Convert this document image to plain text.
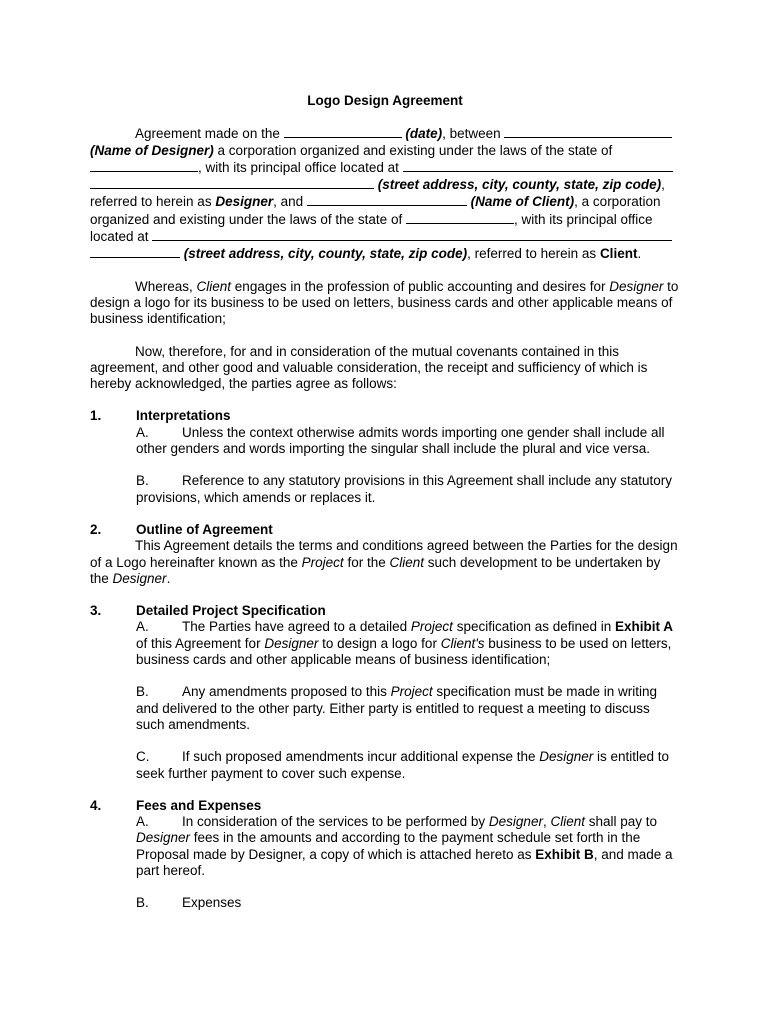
Logo Design Agreement

Agreement made on the	(date), between  (Name of Designer) a corporation organized and existing under the laws of the state of , with its principal office located at   (street address, city, county, state, zip code), referred to herein as Designer, and	(Name of Client), a corporation organized and existing under the laws of the state of	, with its principal office located at   (street address, city, county, state, zip code), referred to herein as Client.

Whereas, Client engages in the profession of public accounting and desires for Designer to design a logo for its business to be used on letters, business cards and other applicable means of business identification;

Now, therefore, for and in consideration of the mutual covenants contained in this agreement, and other good and valuable consideration, the receipt and sufficiency of which is hereby acknowledged, the parties agree as follows:

1.	Interpretations
A. Unless the context otherwise admits words importing one gender shall include all other genders and words importing the singular shall include the plural and vice versa.
B. Reference to any statutory provisions in this Agreement shall include any statutory provisions, which amends or replaces it.
2.	Outline of Agreement
This Agreement details the terms and conditions agreed between the Parties for the design of a Logo hereinafter known as the Project for the Client such development to be undertaken by the Designer.
3.	Detailed Project Specification
A. The Parties have agreed to a detailed Project specification as defined in Exhibit A of this Agreement for Designer to design a logo for Client's business to be used on letters, business cards and other applicable means of business identification;
B. Any amendments proposed to this Project specification must be made in writing and delivered to the other party. Either party is entitled to request a meeting to discuss such amendments.
C. If such proposed amendments incur additional expense the Designer is entitled to seek further payment to cover such expense.
4.	Fees and Expenses
A. In consideration of the services to be performed by Designer, Client shall pay to Designer fees in the amounts and according to the payment schedule set forth in the Proposal made by Designer, a copy of which is attached hereto as Exhibit B, and made a part hereof.
B. Expenses
